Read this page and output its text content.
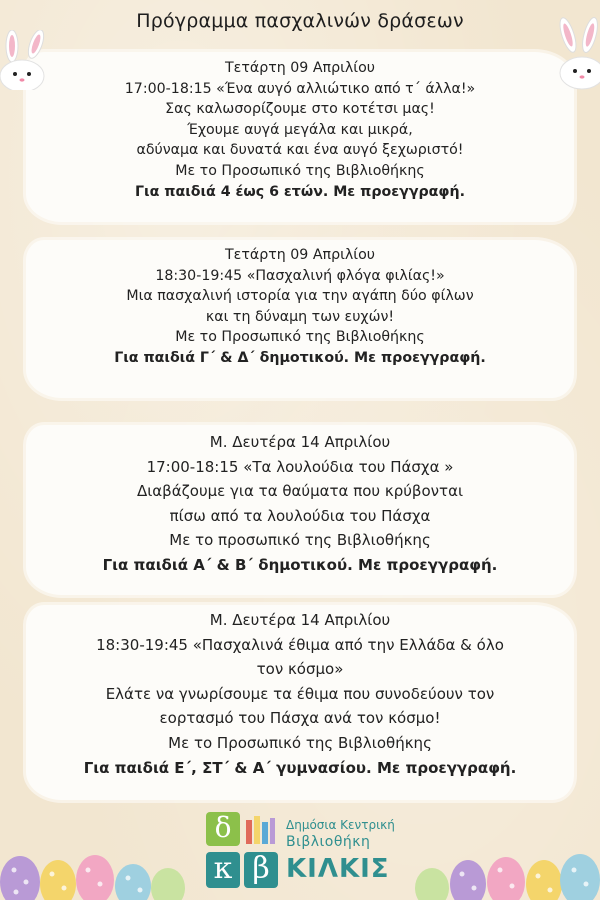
Πρόγραμμα πασχαλινών δράσεων
Τετάρτη 09 Απριλίου
17:00-18:15 «Ένα αυγό αλλιώτικο από τ΄ άλλα!»
Σας καλωσορίζουμε στο κοτέτσι μας!
Έχουμε αυγά μεγάλα και μικρά,
αδύναμα και δυνατά και ένα αυγό ξεχωριστό!
Με το Προσωπικό της Βιβλιοθήκης
Για παιδιά 4 έως 6 ετών. Με προεγγραφή.
Τετάρτη 09 Απριλίου
18:30-19:45 «Πασχαλινή φλόγα φιλίας!»
Μια πασχαλινή ιστορία για την αγάπη δύο φίλων
και τη δύναμη των ευχών!
Με το Προσωπικό της Βιβλιοθήκης
Για παιδιά Γ΄ & Δ΄ δημοτικού. Με προεγγραφή.
Μ. Δευτέρα 14 Απριλίου
17:00-18:15 «Τα λουλούδια του Πάσχα »
Διαβάζουμε για τα θαύματα που κρύβονται
πίσω από τα λουλούδια του Πάσχα
Με το προσωπικό της Βιβλιοθήκης
Για παιδιά Α΄ & Β΄ δημοτικού. Με προεγγραφή.
Μ. Δευτέρα 14 Απριλίου
18:30-19:45 «Πασχαλινά έθιμα από την Ελλάδα & όλο
τον κόσμο»
Ελάτε να γνωρίσουμε τα έθιμα που συνοδεύουν τον
εορτασμό του Πάσχα ανά τον κόσμο!
Με το Προσωπικό της Βιβλιοθήκης
Για παιδιά Ε΄, ΣΤ΄ & Α΄ γυμνασίου. Με προεγγραφή.
δ
κ β
Δημόσια Κεντρική
Βιβλιοθήκη
ΚΙΛΚΙΣ
